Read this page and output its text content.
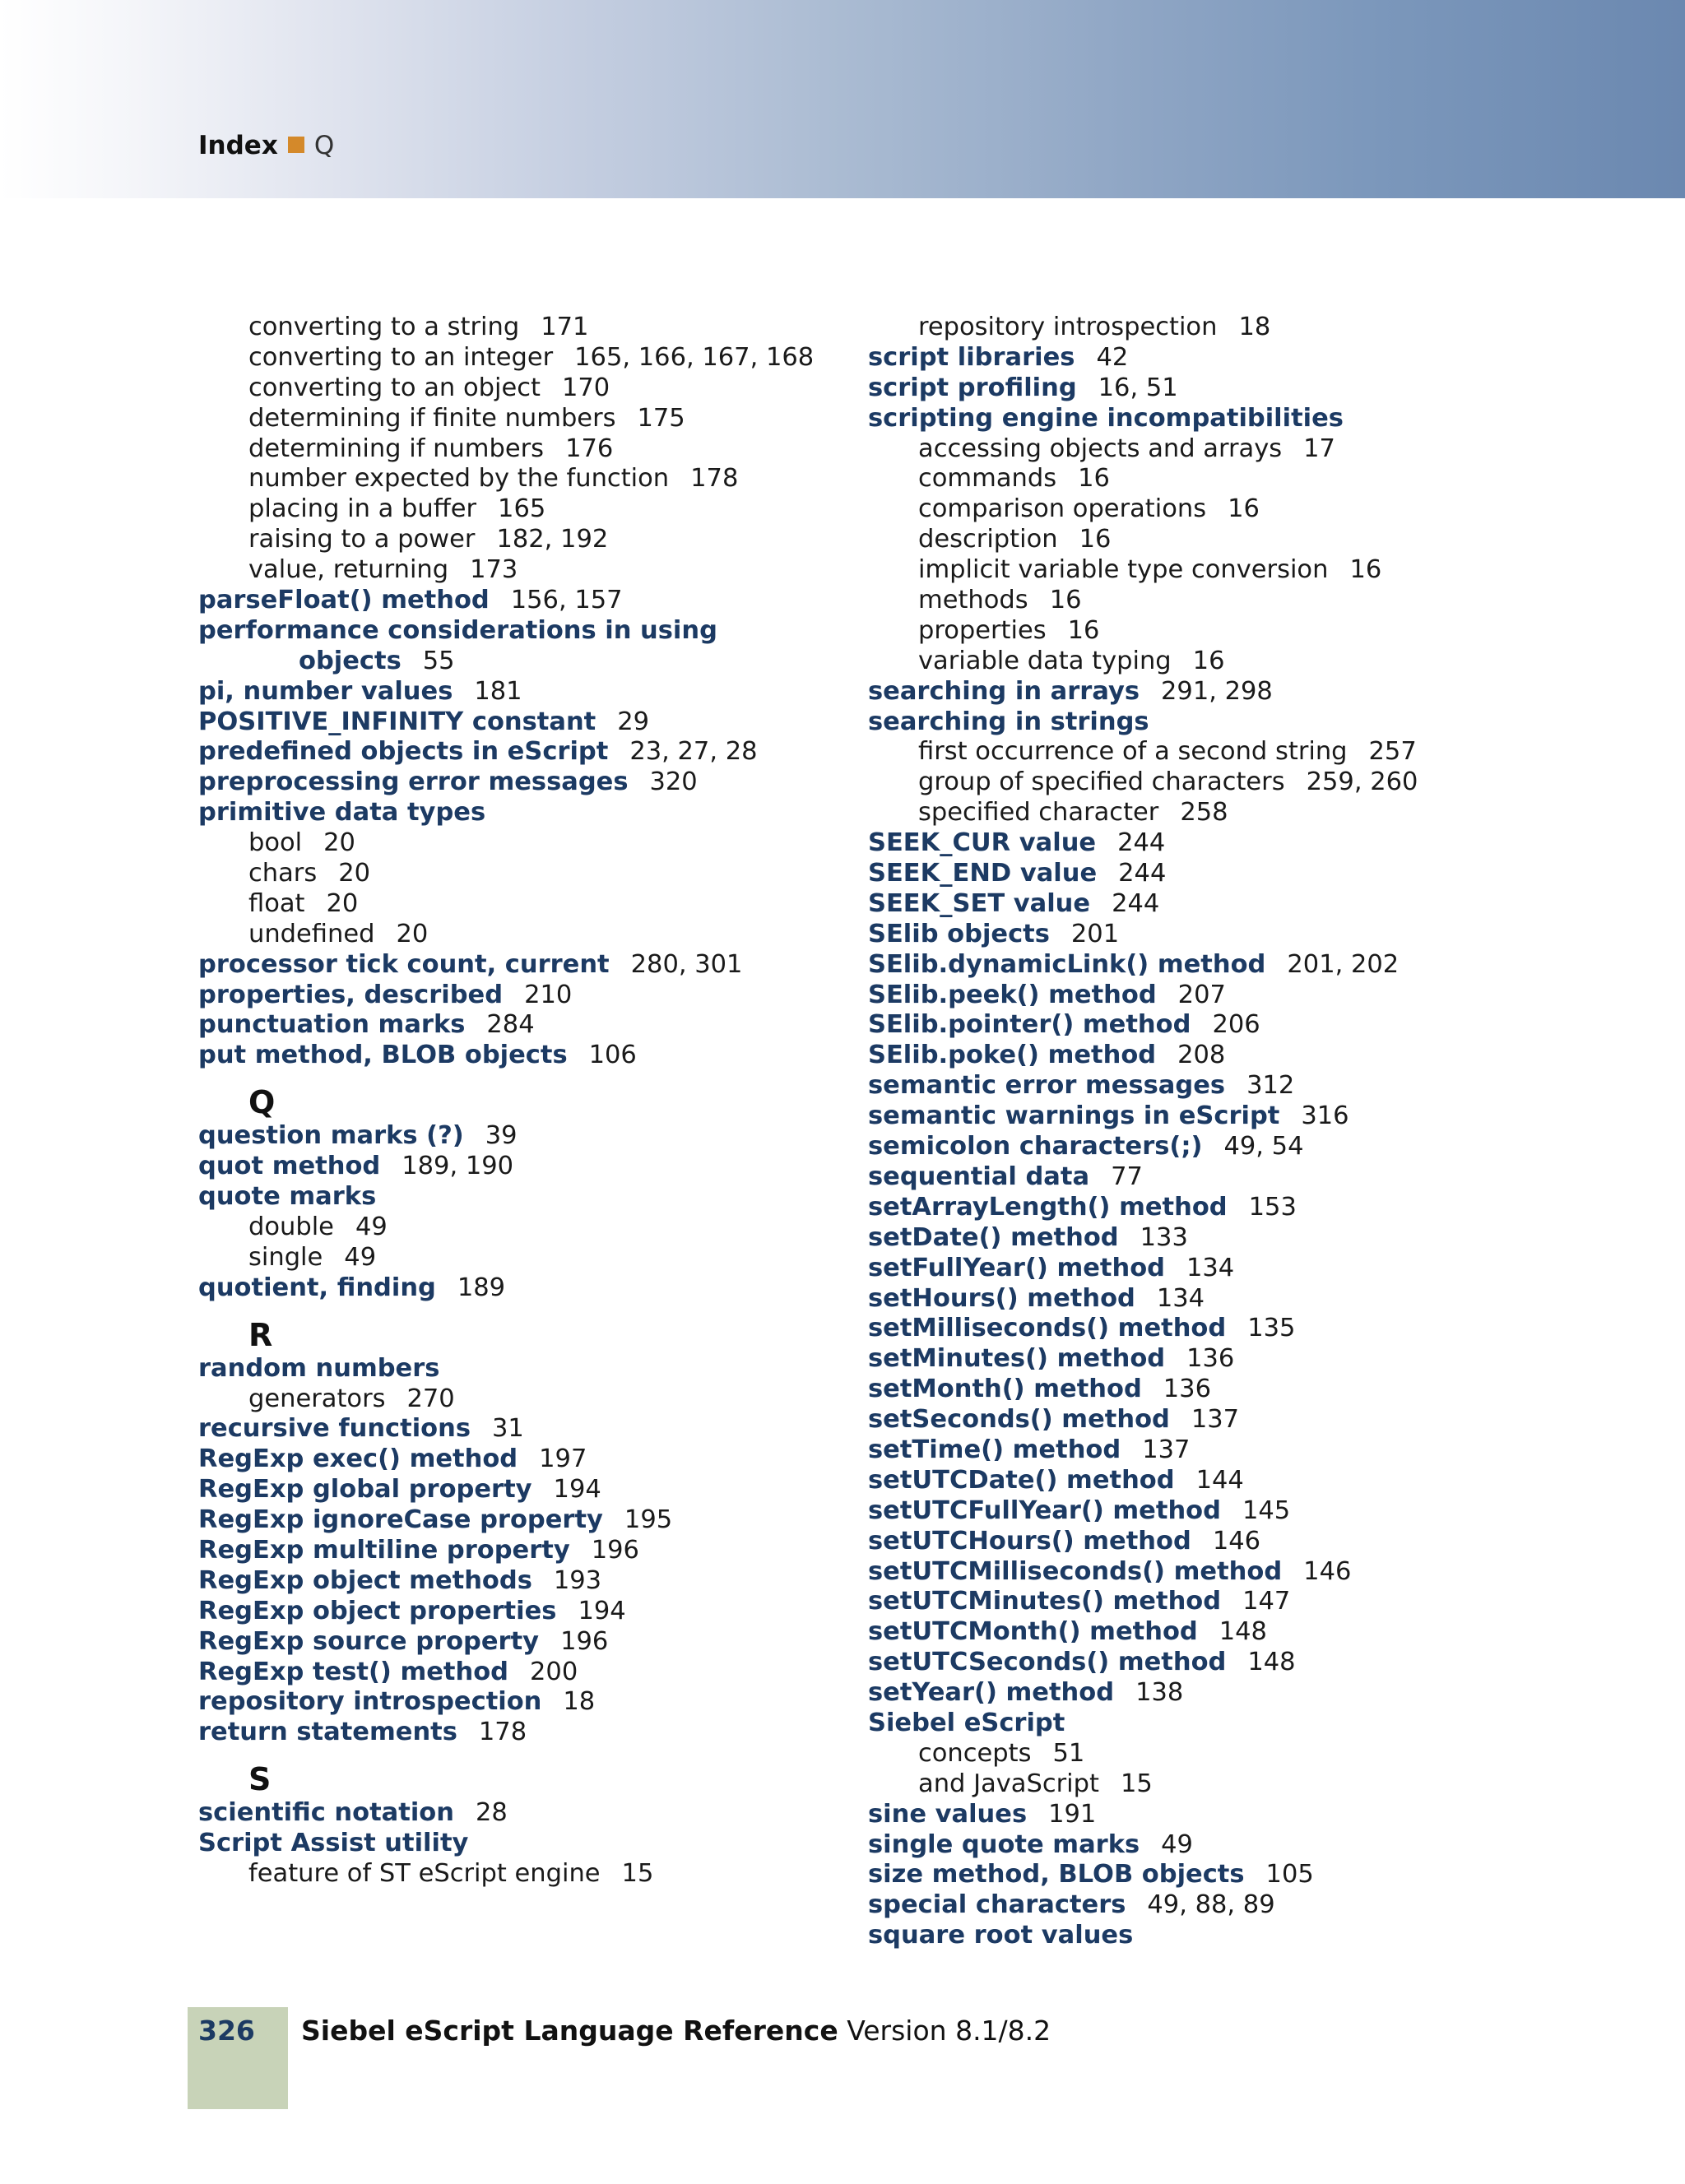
Index Q
converting to a string 171
converting to an integer 165, 166, 167, 168
converting to an object 170
determining if finite numbers 175
determining if numbers 176
number expected by the function 178
placing in a buffer 165
raising to a power 182, 192
value, returning 173
parseFloat() method 156, 157
performance considerations in using
objects 55
pi, number values 181
POSITIVE_INFINITY constant 29
predefined objects in eScript 23, 27, 28
preprocessing error messages 320
primitive data types
bool 20
chars 20
float 20
undefined 20
processor tick count, current 280, 301
properties, described 210
punctuation marks 284
put method, BLOB objects 106
Q
question marks (?) 39
quot method 189, 190
quote marks
double 49
single 49
quotient, finding 189
R
random numbers
generators 270
recursive functions 31
RegExp exec() method 197
RegExp global property 194
RegExp ignoreCase property 195
RegExp multiline property 196
RegExp object methods 193
RegExp object properties 194
RegExp source property 196
RegExp test() method 200
repository introspection 18
return statements 178
S
scientific notation 28
Script Assist utility
feature of ST eScript engine 15
repository introspection 18
script libraries 42
script profiling 16, 51
scripting engine incompatibilities
accessing objects and arrays 17
commands 16
comparison operations 16
description 16
implicit variable type conversion 16
methods 16
properties 16
variable data typing 16
searching in arrays 291, 298
searching in strings
first occurrence of a second string 257
group of specified characters 259, 260
specified character 258
SEEK_CUR value 244
SEEK_END value 244
SEEK_SET value 244
SElib objects 201
SElib.dynamicLink() method 201, 202
SElib.peek() method 207
SElib.pointer() method 206
SElib.poke() method 208
semantic error messages 312
semantic warnings in eScript 316
semicolon characters(;) 49, 54
sequential data 77
setArrayLength() method 153
setDate() method 133
setFullYear() method 134
setHours() method 134
setMilliseconds() method 135
setMinutes() method 136
setMonth() method 136
setSeconds() method 137
setTime() method 137
setUTCDate() method 144
setUTCFullYear() method 145
setUTCHours() method 146
setUTCMilliseconds() method 146
setUTCMinutes() method 147
setUTCMonth() method 148
setUTCSeconds() method 148
setYear() method 138
Siebel eScript
concepts 51
and JavaScript 15
sine values 191
single quote marks 49
size method, BLOB objects 105
special characters 49, 88, 89
square root values
326 Siebel eScript Language Reference Version 8.1/8.2
